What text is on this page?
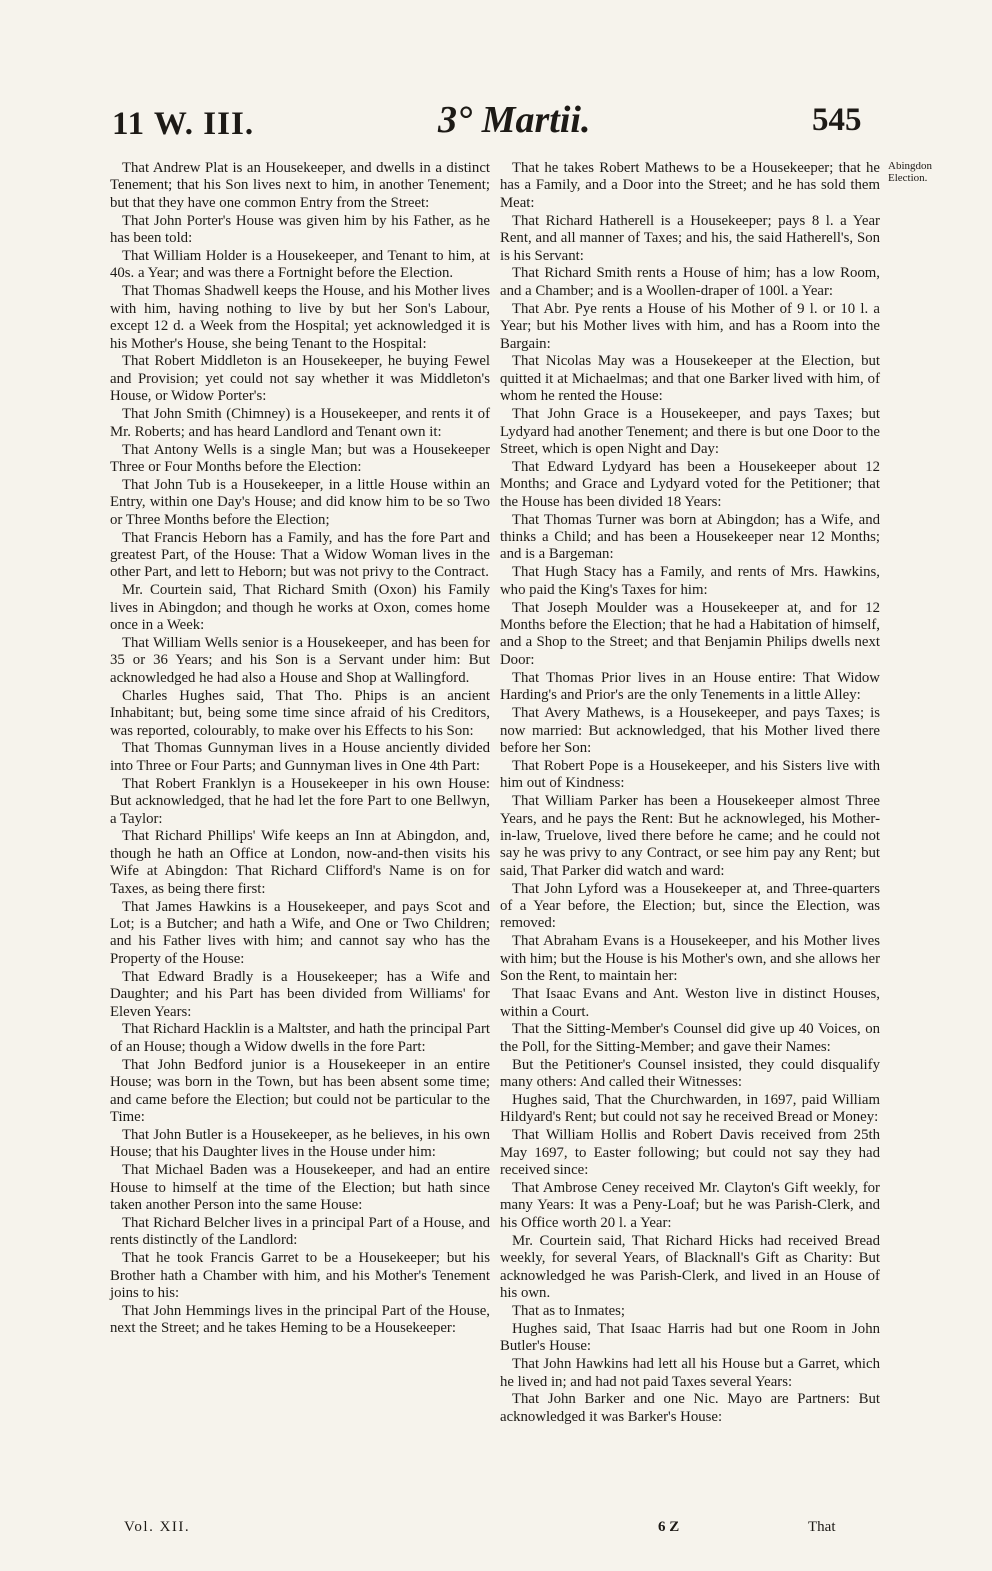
11 W. III.	3° Martii.	545

That Andrew Plat is an Housekeeper, and dwells in a distinct Tenement; that his Son lives next to him, in another Tenement; but that they have one common Entry from the Street:

That John Porter's House was given him by his Father, as he has been told:

That William Holder is a Housekeeper, and Tenant to him, at 40s. a Year; and was there a Fortnight before the Election.

That Thomas Shadwell keeps the House, and his Mother lives with him, having nothing to live by but her Son's Labour, except 12 d. a Week from the Hospital; yet acknowledged it is his Mother's House, she being Tenant to the Hospital:

That Robert Middleton is an Housekeeper, he buying Fewel and Provision; yet could not say whether it was Middleton's House, or Widow Porter's:

That John Smith (Chimney) is a Housekeeper, and rents it of Mr. Roberts; and has heard Landlord and Tenant own it:

That Antony Wells is a single Man; but was a Housekeeper Three or Four Months before the Election:

That John Tub is a Housekeeper, in a little House within an Entry, within one Day's House; and did know him to be so Two or Three Months before the Election;

That Francis Heborn has a Family, and has the fore Part and greatest Part, of the House: That a Widow Woman lives in the other Part, and lett to Heborn; but was not privy to the Contract.

Mr. Courtein said, That Richard Smith (Oxon) his Family lives in Abingdon; and though he works at Oxon, comes home once in a Week:

That William Wells senior is a Housekeeper, and has been for 35 or 36 Years; and his Son is a Servant under him: But acknowledged he had also a House and Shop at Wallingford.

Charles Hughes said, That Tho. Phips is an ancient Inhabitant; but, being some time since afraid of his Creditors, was reported, colourably, to make over his Effects to his Son:

That Thomas Gunnyman lives in a House anciently divided into Three or Four Parts; and Gunnyman lives in One 4th Part:

That Robert Franklyn is a Housekeeper in his own House: But acknowledged, that he had let the fore Part to one Bellwyn, a Taylor:

That Richard Phillips' Wife keeps an Inn at Abingdon, and, though he hath an Office at London, now-and-then visits his Wife at Abingdon: That Richard Clifford's Name is on for Taxes, as being there first:

That James Hawkins is a Housekeeper, and pays Scot and Lot; is a Butcher; and hath a Wife, and One or Two Children; and his Father lives with him; and cannot say who has the Property of the House:

That Edward Bradly is a Housekeeper; has a Wife and Daughter; and his Part has been divided from Williams' for Eleven Years:

That Richard Hacklin is a Maltster, and hath the principal Part of an House; though a Widow dwells in the fore Part:

That John Bedford junior is a Housekeeper in an entire House; was born in the Town, but has been absent some time; and came before the Election; but could not be particular to the Time:

That John Butler is a Housekeeper, as he believes, in his own House; that his Daughter lives in the House under him:

That Michael Baden was a Housekeeper, and had an entire House to himself at the time of the Election; but hath since taken another Person into the same House:

That Richard Belcher lives in a principal Part of a House, and rents distinctly of the Landlord:

That he took Francis Garret to be a Housekeeper; but his Brother hath a Chamber with him, and his Mother's Tenement joins to his:

That John Hemmings lives in the principal Part of the House, next the Street; and he takes Heming to be a Housekeeper:

That he takes Robert Mathews to be a Housekeeper; that he has a Family, and a Door into the Street; and he has sold them Meat:

That Richard Hatherell is a Housekeeper; pays 8 l. a Year Rent, and all manner of Taxes; and his, the said Hatherell's, Son is his Servant:

That Richard Smith rents a House of him; has a low Room, and a Chamber; and is a Woollen-draper of 100l. a Year:

That Abr. Pye rents a House of his Mother of 9 l. or 10 l. a Year; but his Mother lives with him, and has a Room into the Bargain:

That Nicolas May was a Housekeeper at the Election, but quitted it at Michaelmas; and that one Barker lived with him, of whom he rented the House:

That John Grace is a Housekeeper, and pays Taxes; but Lydyard had another Tenement; and there is but one Door to the Street, which is open Night and Day:

That Edward Lydyard has been a Housekeeper about 12 Months; and Grace and Lydyard voted for the Petitioner; that the House has been divided 18 Years:

That Thomas Turner was born at Abingdon; has a Wife, and thinks a Child; and has been a Housekeeper near 12 Months; and is a Bargeman:

That Hugh Stacy has a Family, and rents of Mrs. Hawkins, who paid the King's Taxes for him:

That Joseph Moulder was a Housekeeper at, and for 12 Months before the Election; that he had a Habitation of himself, and a Shop to the Street; and that Benjamin Philips dwells next Door:

That Thomas Prior lives in an House entire: That Widow Harding's and Prior's are the only Tenements in a little Alley:

That Avery Mathews, is a Housekeeper, and pays Taxes; is now married: But acknowledged, that his Mother lived there before her Son:

That Robert Pope is a Housekeeper, and his Sisters live with him out of Kindness:

That William Parker has been a Housekeeper almost Three Years, and he pays the Rent: But he acknowleged, his Mother-in-law, Truelove, lived there before he came; and he could not say he was privy to any Contract, or see him pay any Rent; but said, That Parker did watch and ward:

That John Lyford was a Housekeeper at, and Three-quarters of a Year before, the Election; but, since the Election, was removed:

That Abraham Evans is a Housekeeper, and his Mother lives with him; but the House is his Mother's own, and she allows her Son the Rent, to maintain her:

That Isaac Evans and Ant. Weston live in distinct Houses, within a Court.

That the Sitting-Member's Counsel did give up 40 Voices, on the Poll, for the Sitting-Member; and gave their Names:

But the Petitioner's Counsel insisted, they could disqualify many others: And called their Witnesses:

Hughes said, That the Churchwarden, in 1697, paid William Hildyard's Rent; but could not say he received Bread or Money:

That William Hollis and Robert Davis received from 25th May 1697, to Easter following; but could not say they had received since:

That Ambrose Ceney received Mr. Clayton's Gift weekly, for many Years: It was a Peny-Loaf; but he was Parish-Clerk, and his Office worth 20 l. a Year:

Mr. Courtein said, That Richard Hicks had received Bread weekly, for several Years, of Blacknall's Gift as Charity: But acknowledged he was Parish-Clerk, and lived in an House of his own.

That as to Inmates;

Hughes said, That Isaac Harris had but one Room in John Butler's House:

That John Hawkins had lett all his House but a Garret, which he lived in; and had not paid Taxes several Years:

That John Barker and one Nic. Mayo are Partners: But acknowledged it was Barker's House:

Abingdon Election.
Vol. XII.	6 Z	That
